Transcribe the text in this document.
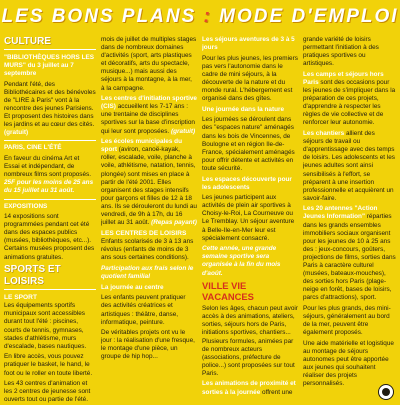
LES BONS PLANS : MODE D'EMPLOI
CULTURE

"BIBLIOTHÈQUES HORS LES MURS" du 3 juillet au 7 septembre

Pendant l'été, des Bibliothécaires et des bénévoles de "LIRE à Paris" vont à la rencontre des jeunes Parisiens. Et proposent des histoires dans les jardins et au cœur des cités. (gratuit)

PARIS, CINE L'ÉTÉ

En faveur du cinéma Art et Essai et indépendant, de nombreux films sont proposés. 25F pour les moins de 25 ans du 15 juillet au 31 août.

EXPOSITIONS

14 expositions sont programmées pendant cet été dans des espaces publics (musées, bibliothèques, etc...). Certains musées proposent des animations gratuites.

SPORTS ET LOISIRS
LE SPORT

Les équipements sportifs municipaux sont accessibles durant tout l'été : piscines, courts de tennis, gymnases, stades d'athlétisme, murs d'escalade, bases nautiques.

En libre accès, vous pouvez pratiquer le basket, le hand, le foot ou le roller en toute liberté.

Les 43 centres d'animation et les 2 centres de jeunesse sont ouverts tout ou partie de l'été.

mois de juillet de multiples stages dans de nombreux domaines d'activités (sport, arts plastiques et décoratifs, arts du spectacle, musique...) mais aussi des séjours à la montagne, à la mer, à la campagne.

Les centres d'initiation sportive (CIS) accueillent les 7-17 ans : une trentaine de disciplines sportives sur la base d'inscription qui leur sont proposées. (gratuit)

Les écoles municipales du sport (aviron, canoë-kayak, roller, escalade, voile, planche à voile, athlétisme, natation, tennis, plongée) sont mises en place à partir de l'été 2001. Elles organisent des stages intensifs pour garçons et filles de 12 à 18 ans. Ils se dérouleront du lundi au vendredi, de 9h à 17h, du 16 juillet au 31 août. (Repas payant)

LES CENTRES DE LOISIRS

Enfants scolarisés de 3 à 13 ans révolus (enfants de moins de 3 ans sous certaines conditions).

Participation aux frais selon le quotient familial

La journée au centre

Les enfants peuvent pratiquer des activités créatrices et artistiques : théâtre, danse, informatique, peinture.

De véritables projets ont vu le jour : la réalisation d'une fresque, le montage d'une pièce, un groupe de hip hop...

Les séjours aventures de 3 à 5 jours

Pour les plus jeunes, les premiers pas vers l'autonomie dans le cadre de mini séjours, à la découverte de la nature et du monde rural. L'hébergement est organisé dans des gîtes.

Une journée dans la nature

Les journées se déroulent dans des "espaces nature" aménagés dans les bois de Vincennes, de Boulogne et en région Ile-de-France, spécialement aménagés pour offrir détente et activités en toute sécurité.

Les espaces découverte pour les adolescents

Les jeunes participent aux activités de plein air sportives à Choisy-le-Roi, La Courneuve ou Le Tremblay. Un séjour aventure à Belle-Ile-en-Mer leur est spécialement consacré.

Cette année, une grande semaine sportive sera organisée à la fin du mois d'août.

VILLE VIE VACANCES

Selon les âges, chacun peut avoir accès à des animations, ateliers, sorties, séjours hors de Paris, initiations sportives, chantiers... Plusieurs formules, animées par de nombreux acteurs (associations, préfecture de police...) sont proposées sur tout Paris.

Les animations de proximité et sorties à la journée offrent une

grande variété de loisirs permettant l'initiation à des pratiques sportives ou artistiques.

Les camps et séjours hors Paris sont des occasions pour les jeunes de s'impliquer dans la préparation de ces projets, d'apprendre à respecter les règles de vie collective et de renforcer leur autonomie.

Les chantiers allient des séjours de travail ou d'apprentissage avec des temps de loisirs. Les adolescents et les jeunes adultes sont ainsi sensibilisés à l'effort, se préparent à une insertion professionnelle et acquièrent un savoir-faire.

Les 20 antennes "Action Jeunes Information" réparties dans les grands ensembles immobiliers sociaux organisent pour les jeunes de 10 à 25 ans des : jeux-concours, goûters, projections de films, sorties dans Paris à caractère culturel (musées, bateaux-mouches), des sorties hors Paris (plage-neige en forêt, bases de loisirs, parcs d'attractions), sport.

Pour les plus grands, des mini-séjours, généralement au bord de la mer, peuvent être également proposés.

Une aide matérielle et logistique au montage de séjours autonomes peut être apportée aux jeunes qui souhaitent réaliser des projets personnalisés.
